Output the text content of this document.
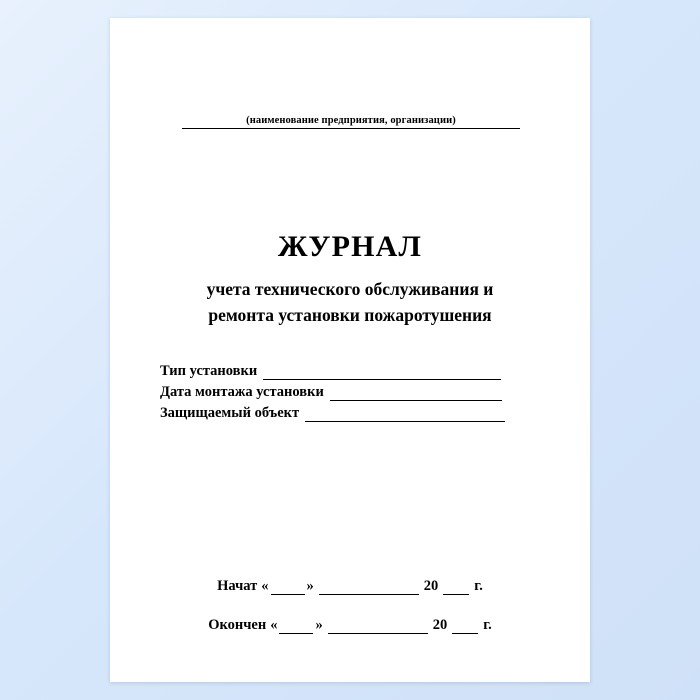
(наименование предприятия, организации)
ЖУРНАЛ
учета технического обслуживания и
ремонта установки пожаротушения
Тип установки
Дата монтажа установки
Защищаемый объект
Начат «	»	20 г.
Окончен «	»	20 г.
